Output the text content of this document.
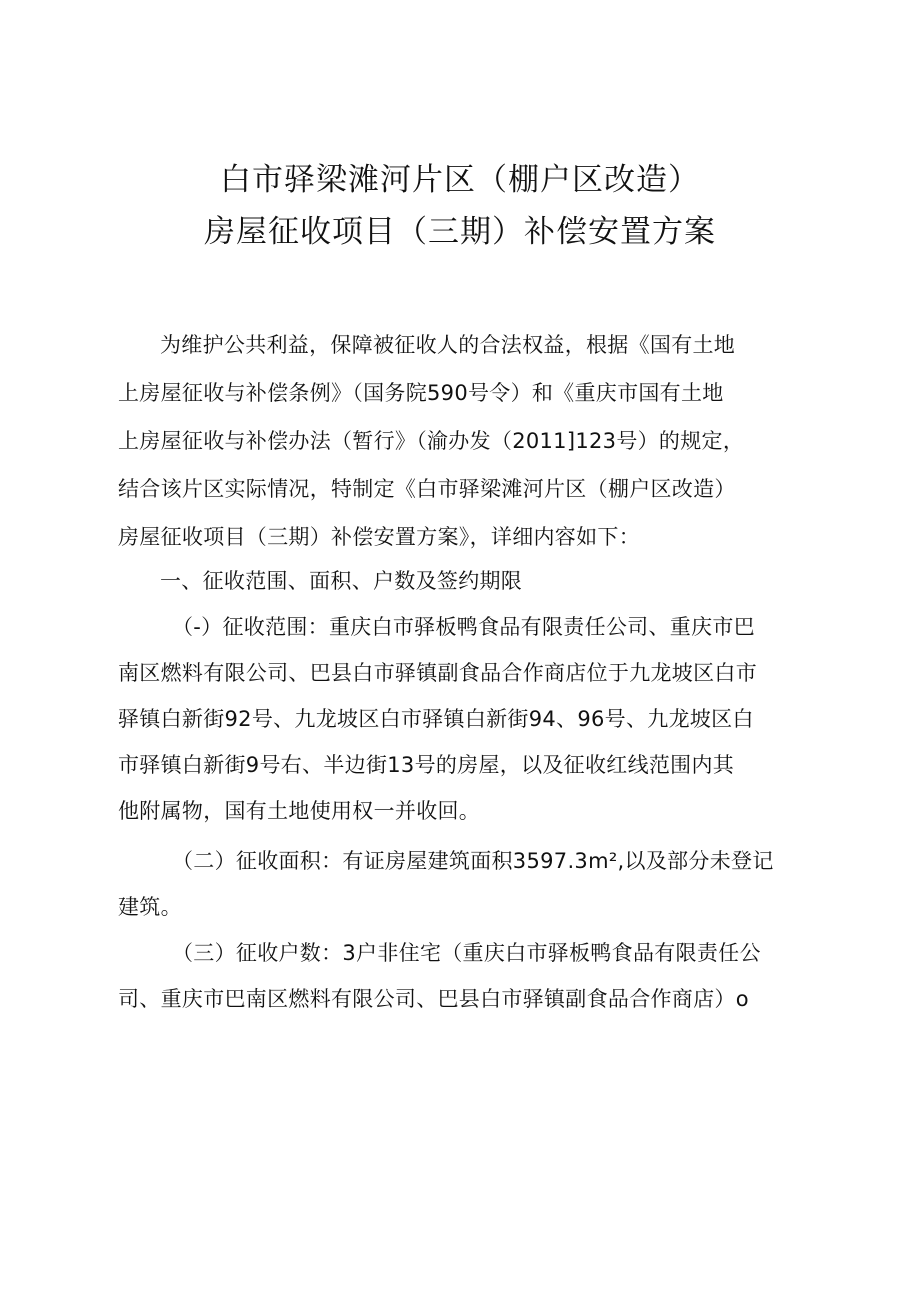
白市驿梁滩河片区（棚户区改造）
房屋征收项目（三期）补偿安置方案
为维护公共利益，保障被征收人的合法权益，根据《国有土地
上房屋征收与补偿条例》（国务院590号令）和《重庆市国有土地
上房屋征收与补偿办法（暂行》（渝办发（2011]123号）的规定，
结合该片区实际情况，特制定《白市驿梁滩河片区（棚户区改造）
房屋征收项目（三期）补偿安置方案》，详细内容如下：
一、征收范围、面积、户数及签约期限
（-）征收范围：重庆白市驿板鸭食品有限责任公司、重庆市巴
南区燃料有限公司、巴县白市驿镇副食品合作商店位于九龙坡区白市
驿镇白新街92号、九龙坡区白市驿镇白新街94、96号、九龙坡区白
市驿镇白新街9号右、半边街13号的房屋，以及征收红线范围内其
他附属物，国有土地使用权一并收回。
（二）征收面积：有证房屋建筑面积3597.3m²,以及部分未登记
建筑。
（三）征收户数：3户非住宅（重庆白市驿板鸭食品有限责任公
司、重庆市巴南区燃料有限公司、巴县白市驿镇副食品合作商店）o
